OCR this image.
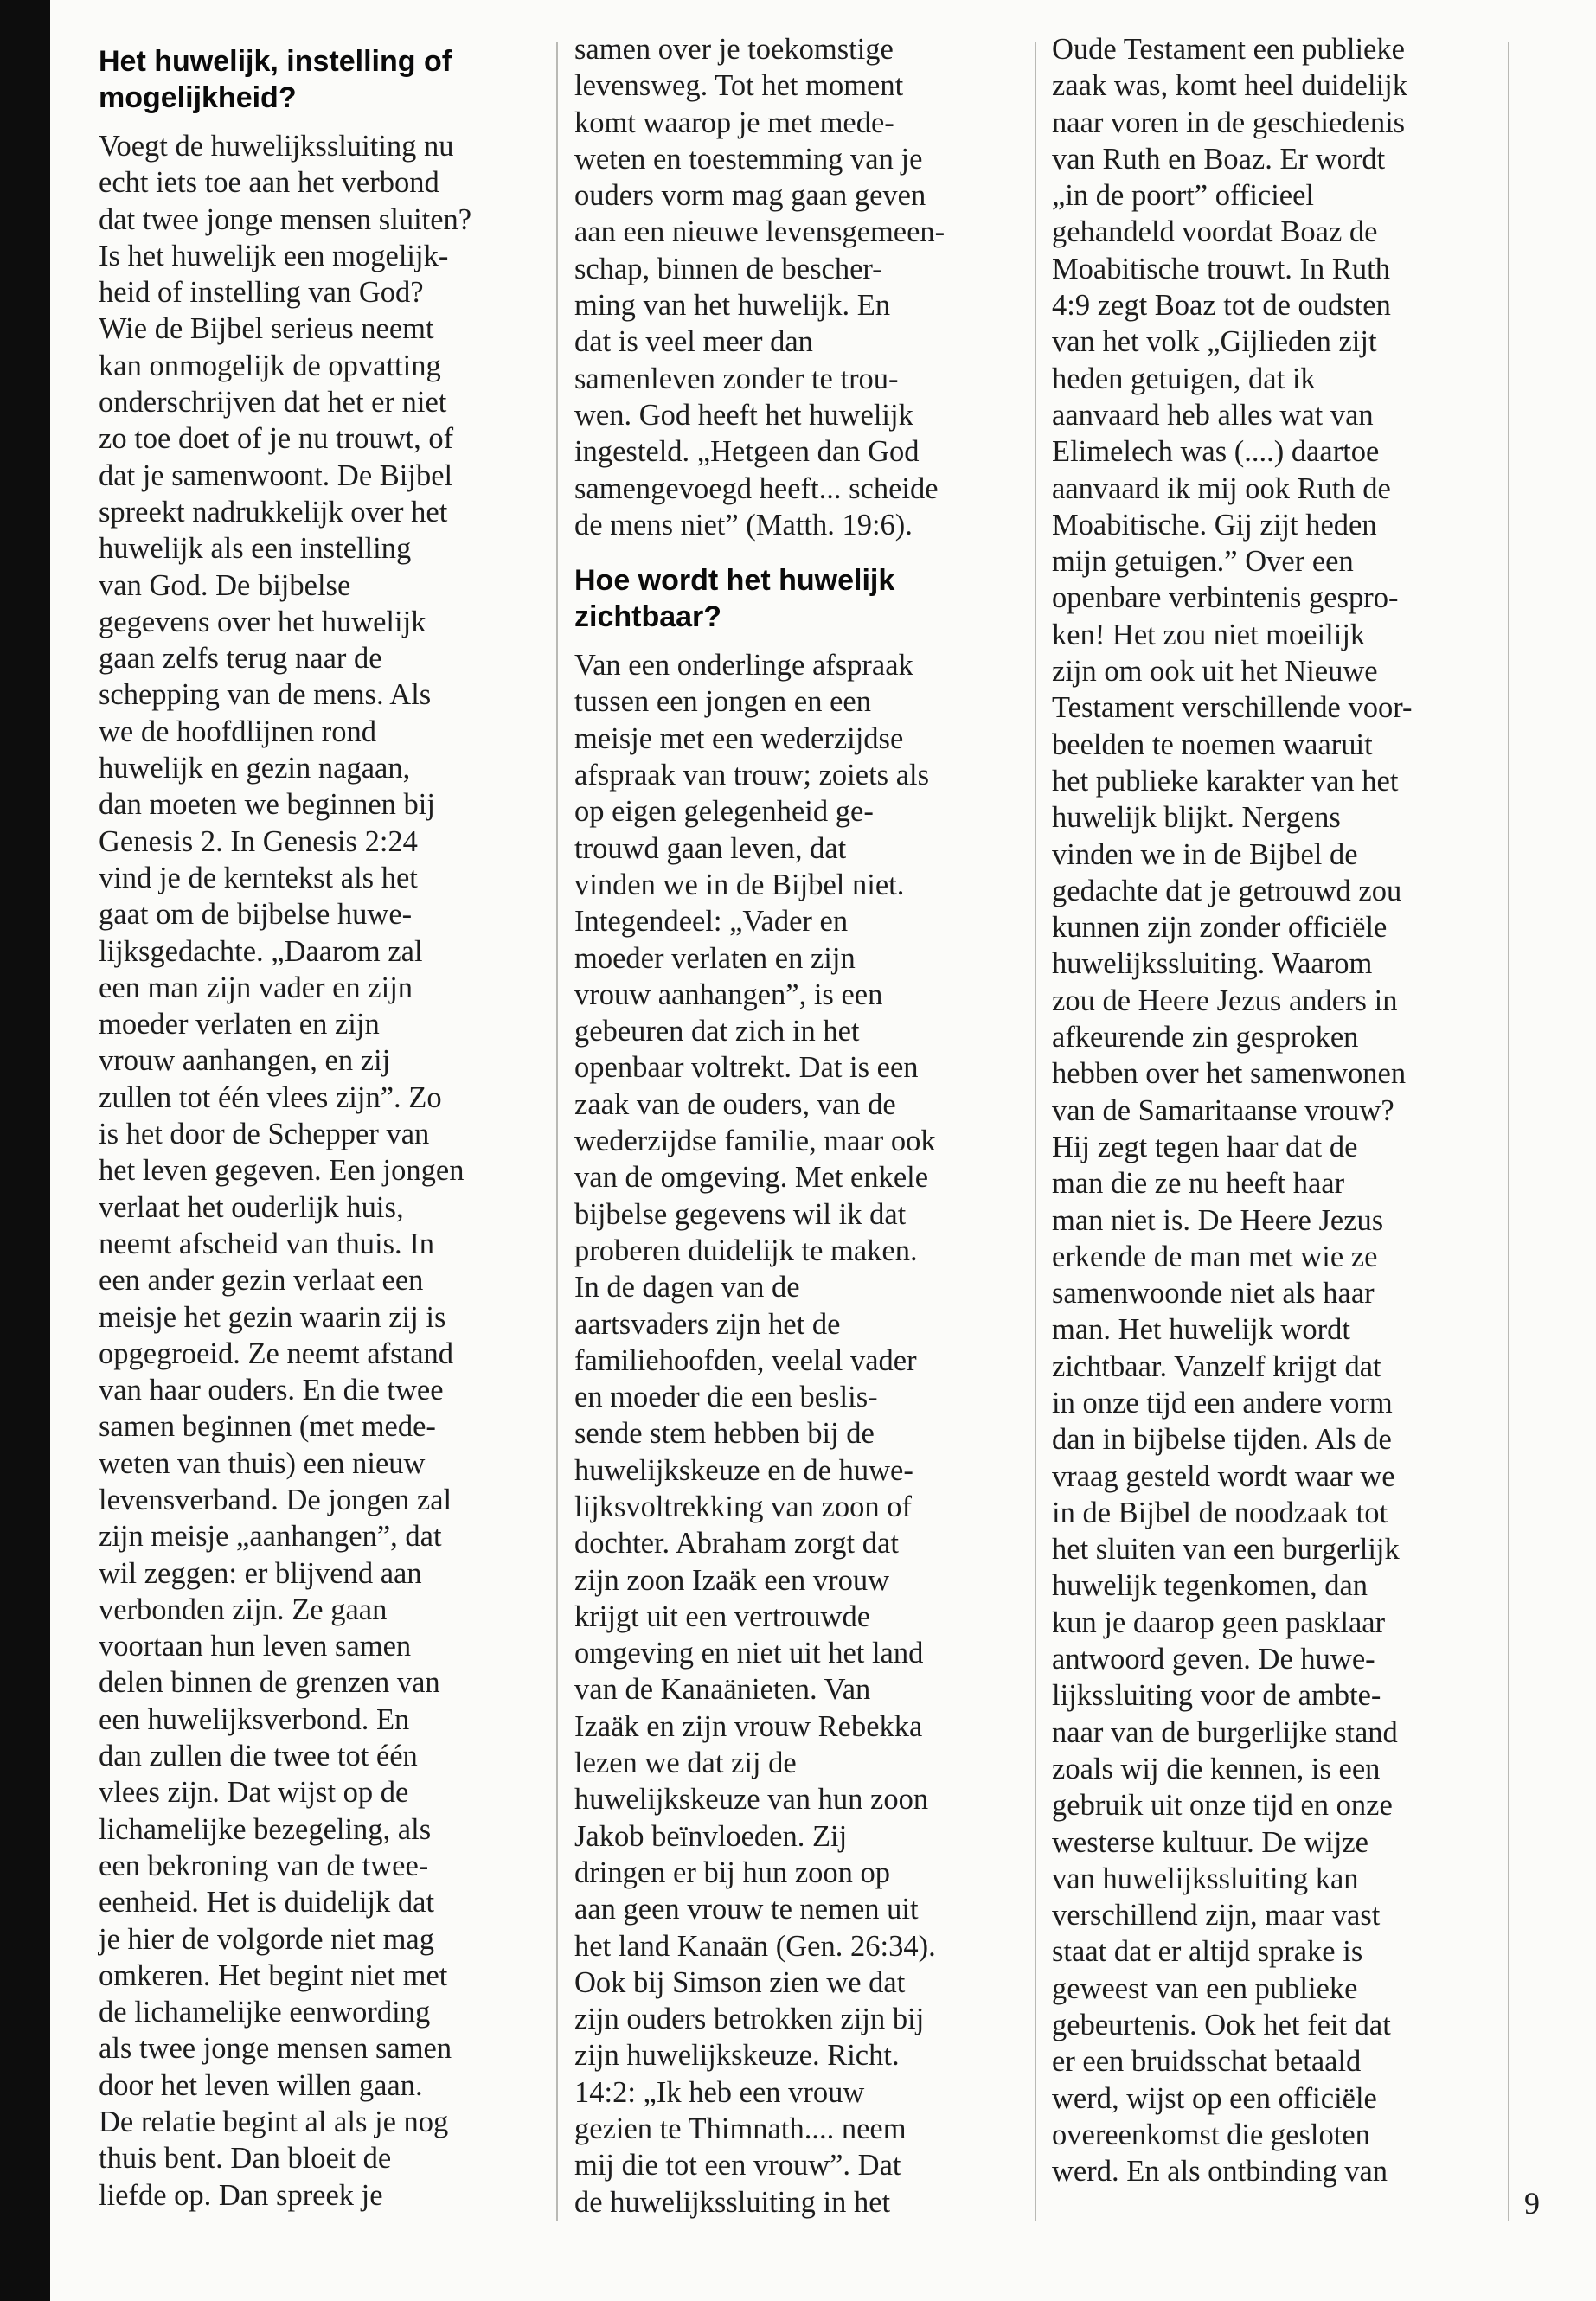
Het huwelijk, instelling of
mogelijkheid?
Voegt de huwelijkssluiting nu
echt iets toe aan het verbond
dat twee jonge mensen sluiten?
Is het huwelijk een mogelijk-
heid of instelling van God?
Wie de Bijbel serieus neemt
kan onmogelijk de opvatting
onderschrijven dat het er niet
zo toe doet of je nu trouwt, of
dat je samenwoont. De Bijbel
spreekt nadrukkelijk over het
huwelijk als een instelling
van God. De bijbelse
gegevens over het huwelijk
gaan zelfs terug naar de
schepping van de mens. Als
we de hoofdlijnen rond
huwelijk en gezin nagaan,
dan moeten we beginnen bij
Genesis 2. In Genesis 2:24
vind je de kerntekst als het
gaat om de bijbelse huwe-
lijksgedachte. „Daarom zal
een man zijn vader en zijn
moeder verlaten en zijn
vrouw aanhangen, en zij
zullen tot één vlees zijn”. Zo
is het door de Schepper van
het leven gegeven. Een jongen
verlaat het ouderlijk huis,
neemt afscheid van thuis. In
een ander gezin verlaat een
meisje het gezin waarin zij is
opgegroeid. Ze neemt afstand
van haar ouders. En die twee
samen beginnen (met mede-
weten van thuis) een nieuw
levensverband. De jongen zal
zijn meisje „aanhangen”, dat
wil zeggen: er blijvend aan
verbonden zijn. Ze gaan
voortaan hun leven samen
delen binnen de grenzen van
een huwelijksverbond. En
dan zullen die twee tot één
vlees zijn. Dat wijst op de
lichamelijke bezegeling, als
een bekroning van de twee-
eenheid. Het is duidelijk dat
je hier de volgorde niet mag
omkeren. Het begint niet met
de lichamelijke eenwording
als twee jonge mensen samen
door het leven willen gaan.
De relatie begint al als je nog
thuis bent. Dan bloeit de
liefde op. Dan spreek je
samen over je toekomstige
levensweg. Tot het moment
komt waarop je met mede-
weten en toestemming van je
ouders vorm mag gaan geven
aan een nieuwe levensgemeen-
schap, binnen de bescher-
ming van het huwelijk. En
dat is veel meer dan
samenleven zonder te trou-
wen. God heeft het huwelijk
ingesteld. „Hetgeen dan God
samengevoegd heeft... scheide
de mens niet” (Matth. 19:6).
Hoe wordt het huwelijk
zichtbaar?
Van een onderlinge afspraak
tussen een jongen en een
meisje met een wederzijdse
afspraak van trouw; zoiets als
op eigen gelegenheid ge-
trouwd gaan leven, dat
vinden we in de Bijbel niet.
Integendeel: „Vader en
moeder verlaten en zijn
vrouw aanhangen”, is een
gebeuren dat zich in het
openbaar voltrekt. Dat is een
zaak van de ouders, van de
wederzijdse familie, maar ook
van de omgeving. Met enkele
bijbelse gegevens wil ik dat
proberen duidelijk te maken.
In de dagen van de
aartsvaders zijn het de
familiehoofden, veelal vader
en moeder die een beslis-
sende stem hebben bij de
huwelijkskeuze en de huwe-
lijksvoltrekking van zoon of
dochter. Abraham zorgt dat
zijn zoon Izaäk een vrouw
krijgt uit een vertrouwde
omgeving en niet uit het land
van de Kanaänieten. Van
Izaäk en zijn vrouw Rebekka
lezen we dat zij de
huwelijkskeuze van hun zoon
Jakob beïnvloeden. Zij
dringen er bij hun zoon op
aan geen vrouw te nemen uit
het land Kanaän (Gen. 26:34).
Ook bij Simson zien we dat
zijn ouders betrokken zijn bij
zijn huwelijkskeuze. Richt.
14:2: „Ik heb een vrouw
gezien te Thimnath.... neem
mij die tot een vrouw”. Dat
de huwelijkssluiting in het
Oude Testament een publieke
zaak was, komt heel duidelijk
naar voren in de geschiedenis
van Ruth en Boaz. Er wordt
„in de poort” officieel
gehandeld voordat Boaz de
Moabitische trouwt. In Ruth
4:9 zegt Boaz tot de oudsten
van het volk „Gijlieden zijt
heden getuigen, dat ik
aanvaard heb alles wat van
Elimelech was (....) daartoe
aanvaard ik mij ook Ruth de
Moabitische. Gij zijt heden
mijn getuigen.” Over een
openbare verbintenis gespro-
ken! Het zou niet moeilijk
zijn om ook uit het Nieuwe
Testament verschillende voor-
beelden te noemen waaruit
het publieke karakter van het
huwelijk blijkt. Nergens
vinden we in de Bijbel de
gedachte dat je getrouwd zou
kunnen zijn zonder officiële
huwelijkssluiting. Waarom
zou de Heere Jezus anders in
afkeurende zin gesproken
hebben over het samenwonen
van de Samaritaanse vrouw?
Hij zegt tegen haar dat de
man die ze nu heeft haar
man niet is. De Heere Jezus
erkende de man met wie ze
samenwoonde niet als haar
man. Het huwelijk wordt
zichtbaar. Vanzelf krijgt dat
in onze tijd een andere vorm
dan in bijbelse tijden. Als de
vraag gesteld wordt waar we
in de Bijbel de noodzaak tot
het sluiten van een burgerlijk
huwelijk tegenkomen, dan
kun je daarop geen pasklaar
antwoord geven. De huwe-
lijkssluiting voor de ambte-
naar van de burgerlijke stand
zoals wij die kennen, is een
gebruik uit onze tijd en onze
westerse kultuur. De wijze
van huwelijkssluiting kan
verschillend zijn, maar vast
staat dat er altijd sprake is
geweest van een publieke
gebeurtenis. Ook het feit dat
er een bruidsschat betaald
werd, wijst op een officiële
overeenkomst die gesloten
werd. En als ontbinding van
9
